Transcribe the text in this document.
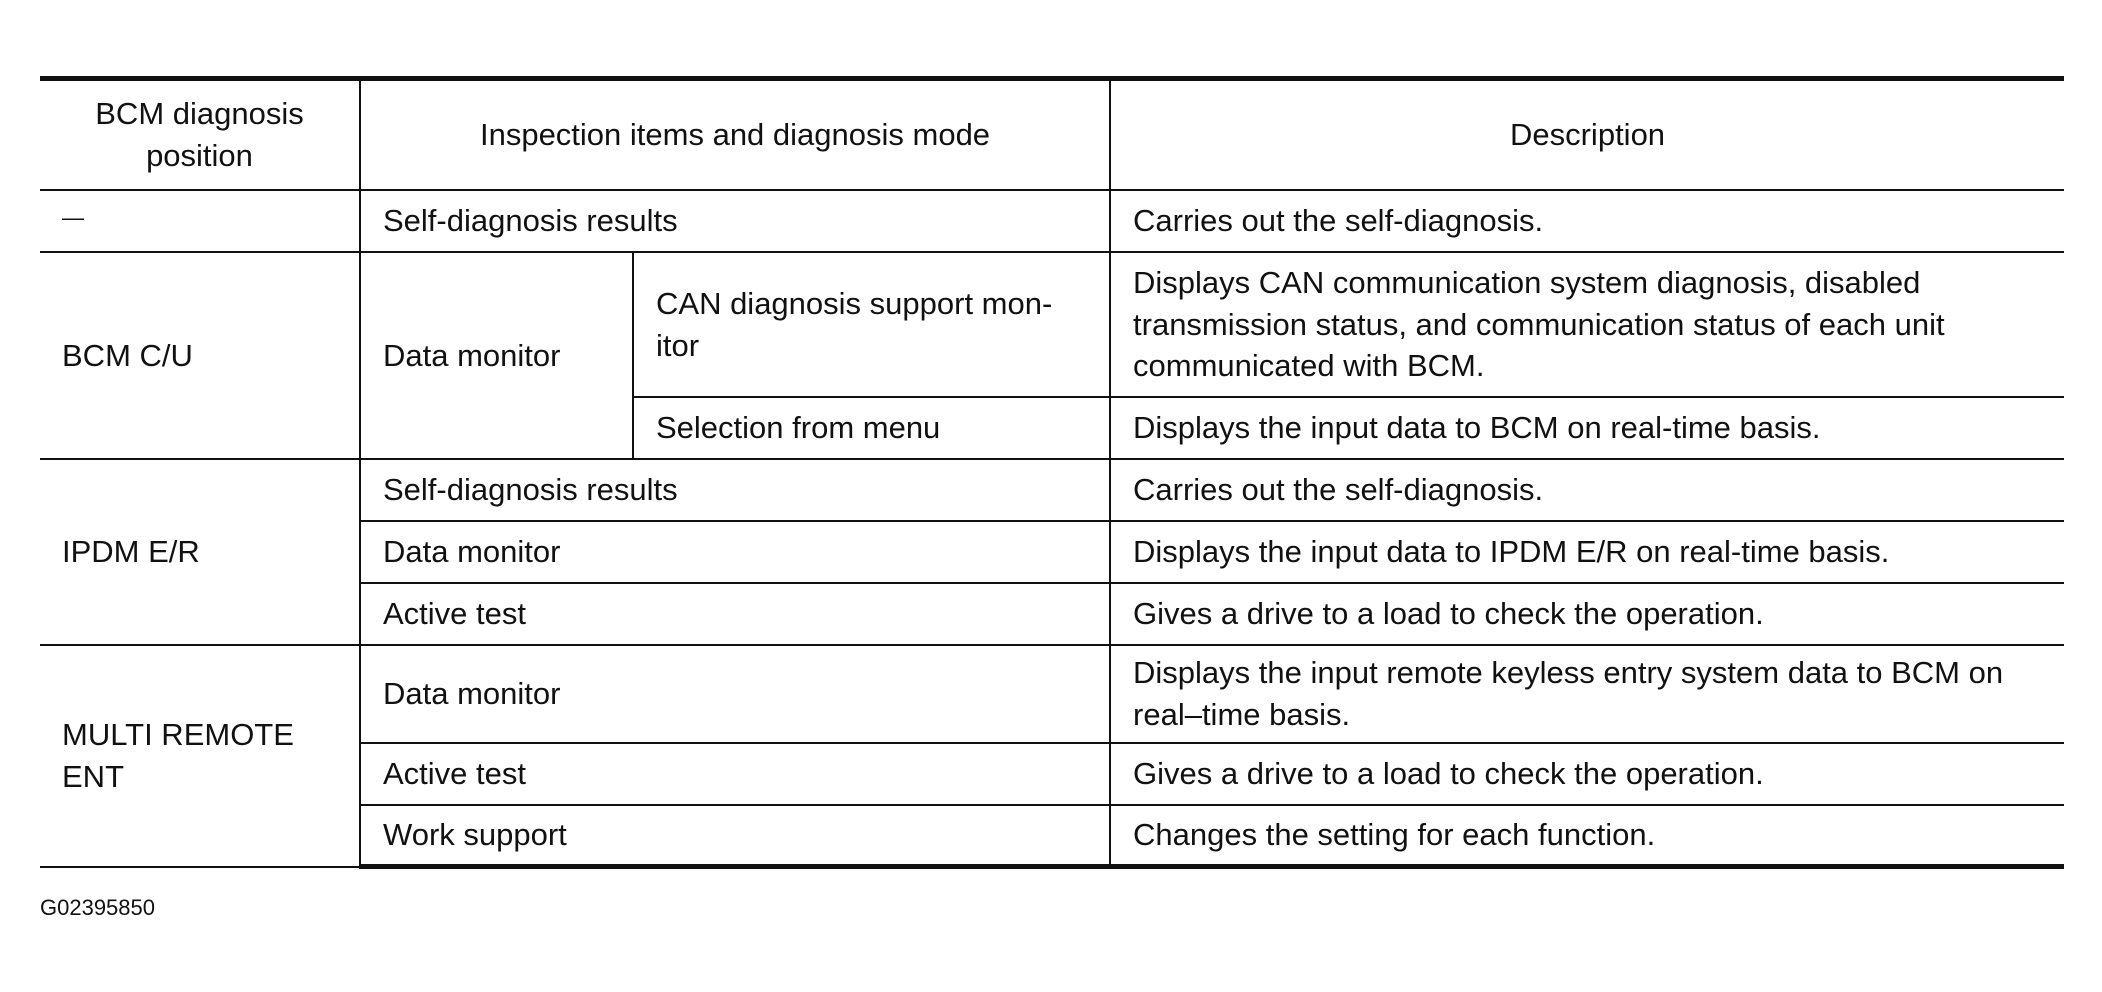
BCM diagnosis position	Inspection items and diagnosis mode		Description
—	Self-diagnosis results		Carries out the self-diagnosis.
BCM C/U	Data monitor	CAN diagnosis support mon-itor	Displays CAN communication system diagnosis, disabled transmission status, and communication status of each unit communicated with BCM.
		Selection from menu	Displays the input data to BCM on real-time basis.
IPDM E/R	Self-diagnosis results		Carries out the self-diagnosis.
	Data monitor		Displays the input data to IPDM E/R on real-time basis.
	Active test		Gives a drive to a load to check the operation.
MULTI REMOTE ENT	Data monitor		Displays the input remote keyless entry system data to BCM on real–time basis.
	Active test		Gives a drive to a load to check the operation.
	Work support		Changes the setting for each function.
G02395850
